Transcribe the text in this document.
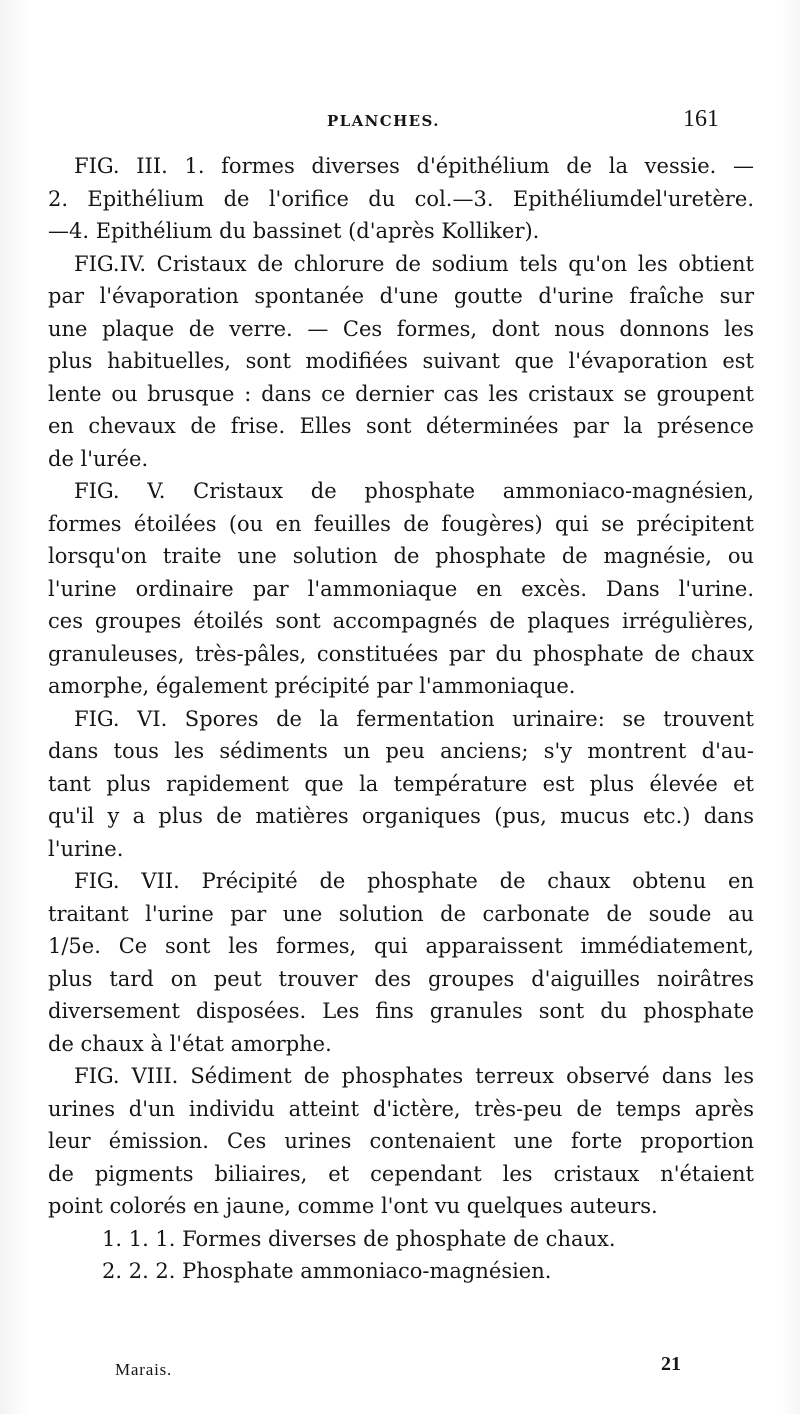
PLANCHES.	161
FIG. III. 1. formes diverses d'épithélium de la vessie. —
2. Epithélium de l'orifice du col.—3. Epithéliumdel'uretère.
—4. Epithélium du bassinet (d'après Kolliker).
FIG.IV. Cristaux de chlorure de sodium tels qu'on les obtient
par l'évaporation spontanée d'une goutte d'urine fraîche sur
une plaque de verre. — Ces formes, dont nous donnons les
plus habituelles, sont modifiées suivant que l'évaporation est
lente ou brusque : dans ce dernier cas les cristaux se groupent
en chevaux de frise. Elles sont déterminées par la présence
de l'urée.
FIG. V. Cristaux de phosphate ammoniaco-magnésien,
formes étoilées (ou en feuilles de fougères) qui se précipitent
lorsqu'on traite une solution de phosphate de magnésie, ou
l'urine ordinaire par l'ammoniaque en excès. Dans l'urine.
ces groupes étoilés sont accompagnés de plaques irrégulières,
granuleuses, très-pâles, constituées par du phosphate de chaux
amorphe, également précipité par l'ammoniaque.
FIG. VI. Spores de la fermentation urinaire: se trouvent
dans tous les sédiments un peu anciens; s'y montrent d'au-
tant plus rapidement que la température est plus élevée et
qu'il y a plus de matières organiques (pus, mucus etc.) dans
l'urine.
FIG. VII. Précipité de phosphate de chaux obtenu en
traitant l'urine par une solution de carbonate de soude au
1/5e. Ce sont les formes, qui apparaissent immédiatement,
plus tard on peut trouver des groupes d'aiguilles noirâtres
diversement disposées. Les fins granules sont du phosphate
de chaux à l'état amorphe.
FIG. VIII. Sédiment de phosphates terreux observé dans les
urines d'un individu atteint d'ictère, très-peu de temps après
leur émission. Ces urines contenaient une forte proportion
de pigments biliaires, et cependant les cristaux n'étaient
point colorés en jaune, comme l'ont vu quelques auteurs.
1. 1. 1. Formes diverses de phosphate de chaux.
2. 2. 2. Phosphate ammoniaco-magnésien.
Marais.	21
